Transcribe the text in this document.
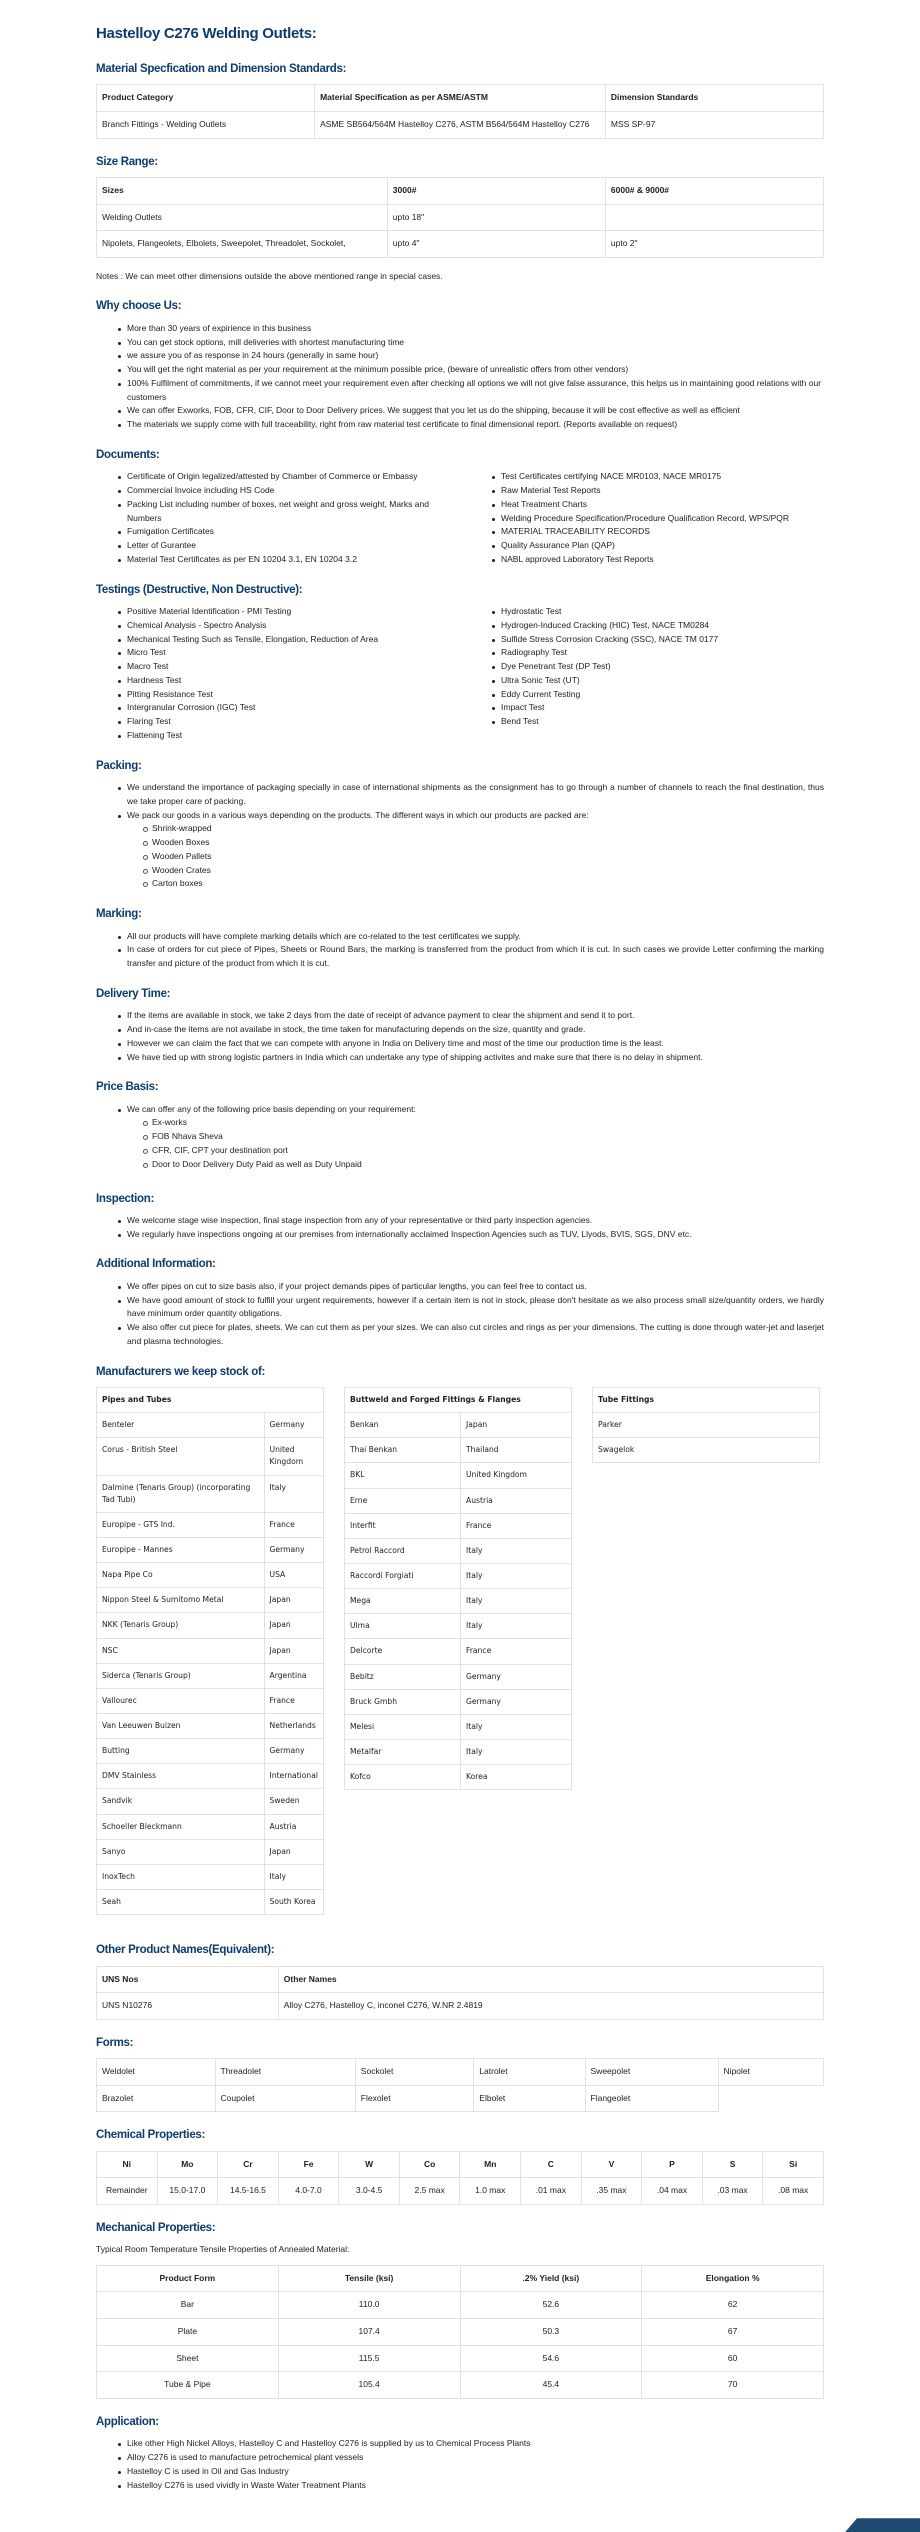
Hastelloy C276 Welding Outlets:
Material Specfication and Dimension Standards:
Product Category	Material Specification as per ASME/ASTM	Dimension Standards
Branch Fittings - Welding Outlets	ASME SB564/564M Hastelloy C276, ASTM B564/564M Hastelloy C276	MSS SP-97
Size Range:
Sizes	3000#	6000# & 9000#
Welding Outlets	upto 18"	
Nipolets, Flangeolets, Elbolets, Sweepolet, Threadolet, Sockolet,	upto 4"	upto 2"

Notes : We can meet other dimensions outside the above mentioned range in special cases.

Why choose Us:
More than 30 years of expirience in this business
You can get stock options, mill deliveries with shortest manufacturing time
we assure you of as response in 24 hours (generally in same hour)
You will get the right material as per your requirement at the minimum possible price, (beware of unrealistic offers from other vendors)
100% Fulfilment of commitments, if we cannot meet your requirement even after checking all options we will not give false assurance, this helps us in maintaining good relations with our customers
We can offer Exworks, FOB, CFR, CIF, Door to Door Delivery prices. We suggest that you let us do the shipping, because it will be cost effective as well as efficient
The materials we supply come with full traceability, right from raw material test certificate to final dimensional report. (Reports available on request)
Documents:
Certificate of Origin legalized/attested by Chamber of Commerce or Embassy
Commercial Invoice including HS Code
Packing List including number of boxes, net weight and gross weight, Marks and Numbers
Fumigation Certificates
Letter of Gurantee
Material Test Certificates as per EN 10204 3.1, EN 10204 3.2
Test Certificates certifying NACE MR0103, NACE MR0175
Raw Material Test Reports
Heat Treatment Charts
Welding Procedure Specification/Procedure Qualification Record, WPS/PQR
MATERIAL TRACEABILITY RECORDS
Quality Assurance Plan (QAP)
NABL approved Laboratory Test Reports
Testings (Destructive, Non Destructive):
Positive Material Identification - PMI Testing
Chemical Analysis - Spectro Analysis
Mechanical Testing Such as Tensile, Elongation, Reduction of Area
Micro Test
Macro Test
Hardness Test
Pitting Resistance Test
Intergranular Corrosion (IGC) Test
Flaring Test
Flattening Test
Hydrostatic Test
Hydrogen-Induced Cracking (HIC) Test, NACE TM0284
Sulfide Stress Corrosion Cracking (SSC), NACE TM 0177
Radiography Test
Dye Penetrant Test (DP Test)
Ultra Sonic Test (UT)
Eddy Current Testing
Impact Test
Bend Test
Packing:
We understand the importance of packaging specially in case of international shipments as the consignment has to go through a number of channels to reach the final destination, thus we take proper care of packing.
We pack our goods in a various ways depending on the products. The different ways in which our products are packed are:
Shrink-wrapped
Wooden Boxes
Wooden Pallets
Wooden Crates
Carton boxes
Marking:
All our products will have complete marking details which are co-related to the test certificates we supply.
In case of orders for cut piece of Pipes, Sheets or Round Bars, the marking is transferred from the product from which it is cut. In such cases we provide Letter confirming the marking transfer and picture of the product from which it is cut.
Delivery Time:
If the items are available in stock, we take 2 days from the date of receipt of advance payment to clear the shipment and send it to port.
And in-case the items are not availabe in stock, the time taken for manufacturing depends on the size, quantity and grade.
However we can claim the fact that we can compete with anyone in India on Delivery time and most of the time our production time is the least.
We have tied up with strong logistic partners in India which can undertake any type of shipping activites and make sure that there is no delay in shipment.
Price Basis:
We can offer any of the following price basis depending on your requirement:
Ex-works
FOB Nhava Sheva
CFR, CIF, CPT your destination port
Door to Door Delivery Duty Paid as well as Duty Unpaid
Inspection:
We welcome stage wise inspection, final stage inspection from any of your representative or third party inspection agencies.
We regularly have inspections ongoing at our premises from internationally acclaimed Inspection Agencies such as TUV, Llyods, BVIS, SGS, DNV etc.
Additional Information:
We offer pipes on cut to size basis also, if your project demands pipes of particular lengths, you can feel free to contact us.
We have good amount of stock to fulfill your urgent requirements, however if a certain item is not in stock, please don't hesitate as we also process small size/quantity orders, we hardly have minimum order quantity obligations.
We also offer cut piece for plates, sheets. We can cut them as per your sizes. We can also cut circles and rings as per your dimensions. The cutting is done through water-jet and laserjet and plasma technologies.
Manufacturers we keep stock of:
Pipes and Tubes	
Benteler	Germany
Corus - British Steel	United Kingdom
Dalmine (Tenaris Group) (incorporating Tad Tubi)	Italy
Europipe - GTS Ind.	France
Europipe - Mannes	Germany
Napa Pipe Co	USA
Nippon Steel & Sumitomo Metal	Japan
NKK (Tenaris Group)	Japan
NSC	Japan
Siderca (Tenaris Group)	Argentina
Vallourec	France
Van Leeuwen Buizen	Netherlands
Butting	Germany
DMV Stainless	International
Sandvik	Sweden
Schoeller Bleckmann	Austria
Sanyo	Japan
InoxTech	Italy
Seah	South Korea
Buttweld and Forged Fittings & Flanges	
Benkan	Japan
Thai Benkan	Thailand
BKL	United Kingdom
Erne	Austria
Interfit	France
Petrol Raccord	Italy
Raccordi Forgiati	Italy
Mega	Italy
Ulma	Italy
Delcorte	France
Bebitz	Germany
Bruck Gmbh	Germany
Melesi	Italy
Metalfar	Italy
Kofco	Korea
Tube Fittings
Parker
Swagelok
Other Product Names(Equivalent):
UNS Nos	Other Names
UNS N10276	Alloy C276, Hastelloy C, inconel C276, W.NR 2.4819
Forms:
Weldolet	Threadolet	Sockolet	Latrolet	Sweepolet	Nipolet
Brazolet	Coupolet	Flexolet	Elbolet	Flangeolet	
Chemical Properties:
Ni	Mo	Cr	Fe	W	Co	Mn	C	V	P	S	Si
Remainder	15.0-17.0	14.5-16.5	4.0-7.0	3.0-4.5	2.5 max	1.0 max	.01 max	.35 max	.04 max	.03 max	.08 max
Mechanical Properties:

Typical Room Temperature Tensile Properties of Annealed Material:

Product Form	Tensile (ksi)	.2% Yield (ksi)	Elongation %
Bar	110.0	52.6	62
Plate	107.4	50.3	67
Sheet	115.5	54.6	60
Tube & Pipe	105.4	45.4	70
Application:
Like other High Nickel Alloys, Hastelloy C and Hastelloy C276 is supplied by us to Chemical Process Plants
Alloy C276 is used to manufacture petrochemical plant vessels
Hastelloy C is used in Oil and Gas Industry
Hastelloy C276 is used vividly in Waste Water Treatment Plants
